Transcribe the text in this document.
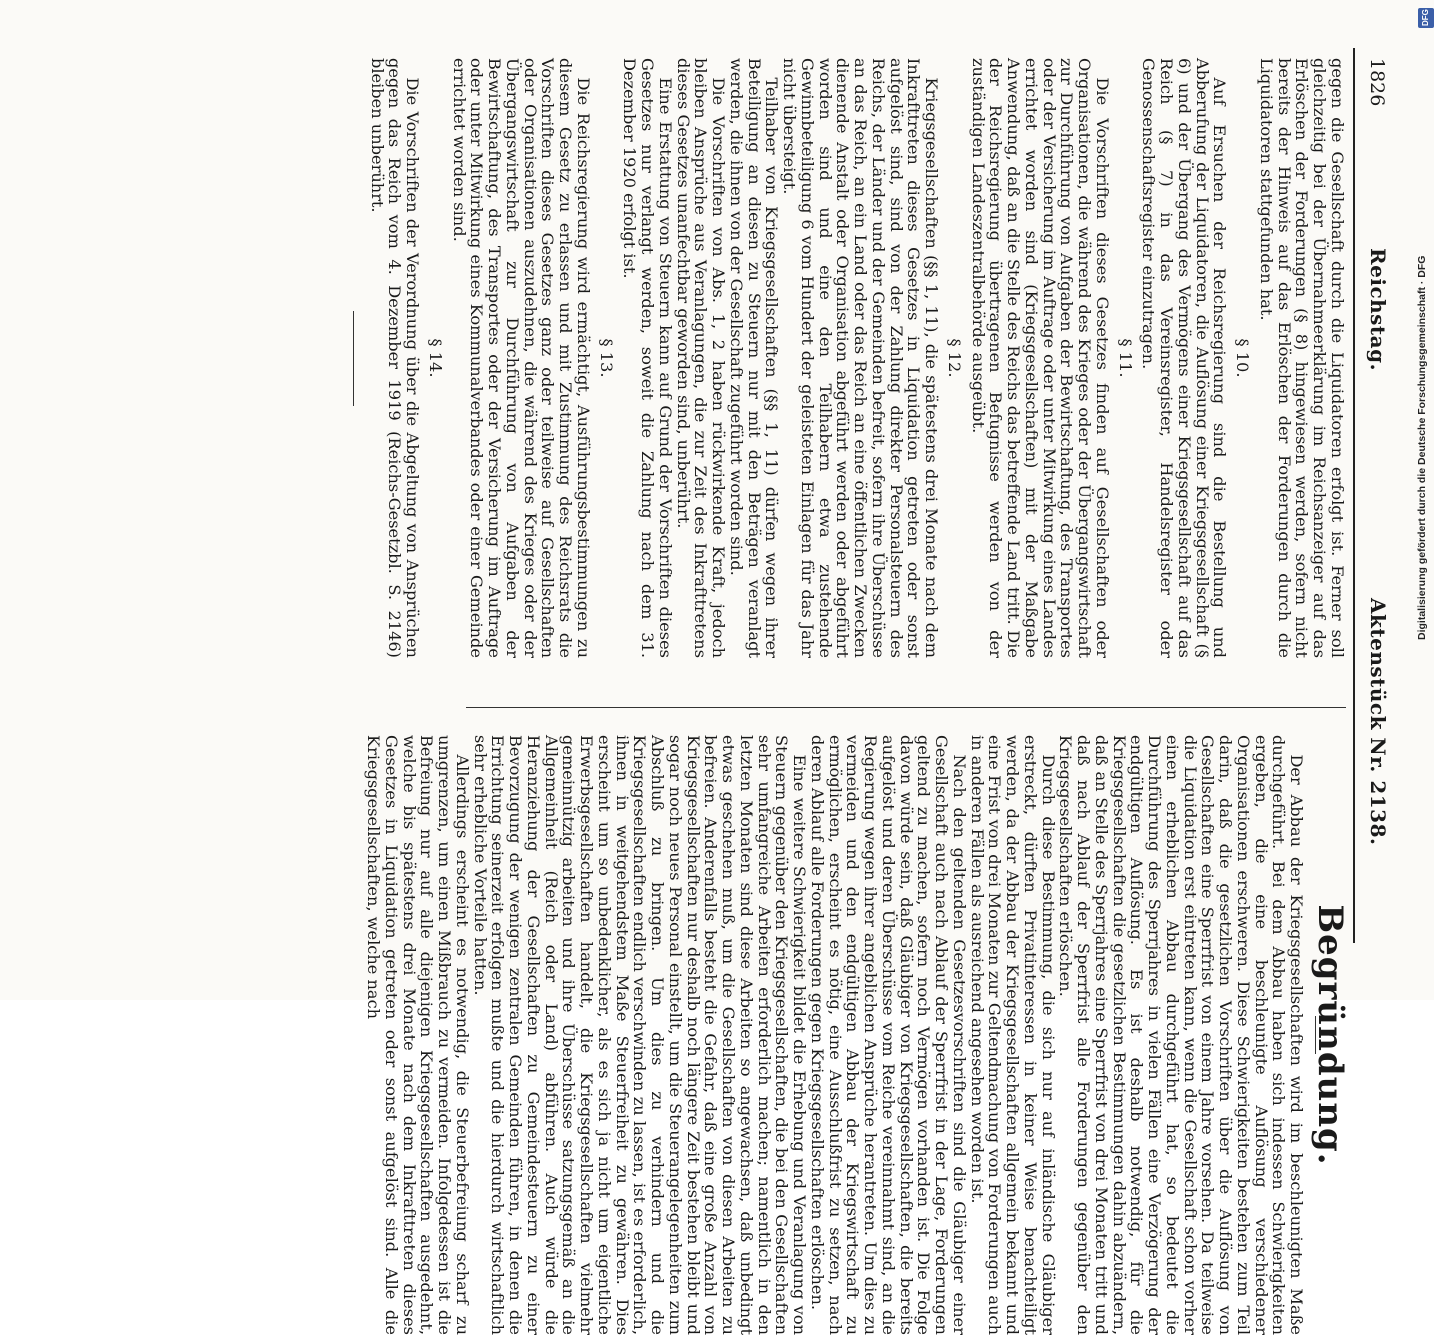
1826
Reichstag.
Aktenstück Nr. 2138.

gegen die Gesellschaft durch die Liquidatoren erfolgt ist. Ferner soll gleichzeitig bei der Übernahmeerklärung im Reichsanzeiger auf das Erlöschen der Forderungen (§ 8) hingewiesen werden, sofern nicht bereits der Hinweis auf das Erlöschen der Forderungen durch die Liquidatoren stattgefunden hat.

§ 10.

Auf Ersuchen der Reichsregierung sind die Bestellung und Abberufung der Liquidatoren, die Auflösung einer Kriegsgesellschaft (§ 6) und der Übergang des Vermögens einer Kriegsgesellschaft auf das Reich (§ 7) in das Vereinsregister, Handelsregister oder Genossenschaftsregister einzutragen.

§ 11.

Die Vorschriften dieses Gesetzes finden auf Gesellschaften oder Organisationen, die während des Krieges oder der Übergangswirtschaft zur Durchführung von Aufgaben der Bewirtschaftung, des Transportes oder der Versicherung im Auftrage oder unter Mitwirkung eines Landes errichtet worden sind (Kriegsgesellschaften) mit der Maßgabe Anwendung, daß an die Stelle des Reichs das betreffende Land tritt. Die der Reichsregierung übertragenen Befugnisse werden von der zuständigen Landeszentralbehörde ausgeübt.

§ 12.

Kriegsgesellschaften (§§ 1, 11), die spätestens drei Monate nach dem Inkrafttreten dieses Gesetzes in Liquidation getreten oder sonst aufgelöst sind, sind von der Zahlung direkter Personalsteuern des Reichs, der Länder und der Gemeinden befreit, sofern ihre Überschüsse an das Reich, an ein Land oder das Reich an eine öffentlichen Zwecken dienende Anstalt oder Organisation abgeführt werden oder abgeführt worden sind und eine den Teilhabern etwa zustehende Gewinnbeteiligung 6 vom Hundert der geleisteten Einlagen für das Jahr nicht übersteigt.

Teilhaber von Kriegsgesellschaften (§§ 1, 11) dürfen wegen ihrer Beteiligung an diesen zu Steuern nur mit den Beträgen veranlagt werden, die ihnen von der Gesellschaft zugeführt worden sind.

Die Vorschriften von Abs. 1, 2 haben rückwirkende Kraft, jedoch bleiben Ansprüche aus Veranlagungen, die zur Zeit des Inkrafttretens dieses Gesetzes unanfechtbar geworden sind, unberührt.

Eine Erstattung von Steuern kann auf Grund der Vorschriften dieses Gesetzes nur verlangt werden, soweit die Zahlung nach dem 31. Dezember 1920 erfolgt ist.

§ 13.

Die Reichsregierung wird ermächtigt, Ausführungsbestimmungen zu diesem Gesetz zu erlassen und mit Zustimmung des Reichsrats die Vorschriften dieses Gesetzes ganz oder teilweise auf Gesellschaften oder Organisationen auszudehnen, die während des Krieges oder der Übergangswirtschaft zur Durchführung von Aufgaben der Bewirtschaftung, des Transportes oder der Versicherung im Auftrage oder unter Mitwirkung eines Kommunalverbandes oder einer Gemeinde errichtet worden sind.

§ 14.

Die Vorschriften der Verordnung über die Abgeltung von Ansprüchen gegen das Reich vom 4. Dezember 1919 (Reichs-Gesetzbl. S. 2146) bleiben unberührt.

Begründung.

Der Abbau der Kriegsgesellschaften wird im beschleunigten Maße durchgeführt. Bei dem Abbau haben sich indessen Schwierigkeiten ergeben, die eine beschleunigte Auflösung verschiedener Organisationen erschweren. Diese Schwierigkeiten bestehen zum Teil darin, daß die gesetzlichen Vorschriften über die Auflösung von Gesellschaften eine Sperrfrist von einem Jahre vorsehen. Da teilweise die Liquidation erst eintreten kann, wenn die Gesellschaft schon vorher einen erheblichen Abbau durchgeführt hat, so bedeutet die Durchführung des Sperrjahres in vielen Fällen eine Verzögerung der endgültigen Auflösung. Es ist deshalb notwendig, für die Kriegsgesellschaften die gesetzlichen Bestimmungen dahin abzuändern, daß an Stelle des Sperrjahres eine Sperrfrist von drei Monaten tritt und daß nach Ablauf der Sperrfrist alle Forderungen gegenüber den Kriegsgesellschaften erlöschen.

Durch diese Bestimmung, die sich nur auf inländische Gläubiger erstreckt, dürften Privatinteressen in keiner Weise benachteiligt werden, da der Abbau der Kriegsgesellschaften allgemein bekannt und eine Frist von drei Monaten zur Geltendmachung von Forderungen auch in anderen Fällen als ausreichend angesehen worden ist.

Nach den geltenden Gesetzesvorschriften sind die Gläubiger einer Gesellschaft auch nach Ablauf der Sperrfrist in der Lage, Forderungen geltend zu machen, sofern noch Vermögen vorhanden ist. Die Folge davon würde sein, daß Gläubiger von Kriegsgesellschaften, die bereits aufgelöst und deren Überschüsse vom Reiche vereinnahmt sind, an die Regierung wegen ihrer angeblichen Ansprüche herantreten. Um dies zu vermeiden und den endgültigen Abbau der Kriegswirtschaft zu ermöglichen, erscheint es nötig, eine Ausschlußfrist zu setzen, nach deren Ablauf alle Forderungen gegen Kriegsgesellschaften erlöschen.

Eine weitere Schwierigkeit bildet die Erhebung und Veranlagung von Steuern gegenüber den Kriegsgesellschaften, die bei den Gesellschaften sehr umfangreiche Arbeiten erforderlich machen; namentlich in den letzten Monaten sind diese Arbeiten so angewachsen, daß unbedingt etwas geschehen muß, um die Gesellschaften von diesen Arbeiten zu befreien. Anderenfalls besteht die Gefahr, daß eine große Anzahl von Kriegsgesellschaften nur deshalb noch längere Zeit bestehen bleibt und sogar noch neues Personal einstellt, um die Steuerangelegenheiten zum Abschluß zu bringen. Um dies zu verhindern und die Kriegsgesellschaften endlich verschwinden zu lassen, ist es erforderlich, ihnen in weitgehendstem Maße Steuerfreiheit zu gewähren. Dies erscheint um so unbedenklicher, als es sich ja nicht um eigentliche Erwerbsgesellschaften handelt, die Kriegsgesellschaften vielmehr gemeinnützig arbeiten und ihre Überschüsse satzungsgemäß an die Allgemeinheit (Reich oder Land) abführen. Auch würde die Heranziehung der Gesellschaften zu Gemeindesteuern zu einer Bevorzugung der wenigen zentralen Gemeinden führen, in denen die Errichtung seinerzeit erfolgen mußte und die hierdurch wirtschaftlich sehr erhebliche Vorteile hatten.

Allerdings erscheint es notwendig, die Steuerbefreiung scharf zu umgrenzen, um einen Mißbrauch zu vermeiden. Infolgedessen ist die Befreiung nur auf alle diejenigen Kriegsgesellschaften ausgedehnt, welche bis spätestens drei Monate nach dem Inkrafttreten dieses Gesetzes in Liquidation getreten oder sonst aufgelöst sind. Alle die Kriegsgesellschaften, welche nach

Digitalisierung gefördert durch die Deutsche Forschungsgemeinschaft · DFG
DFG
